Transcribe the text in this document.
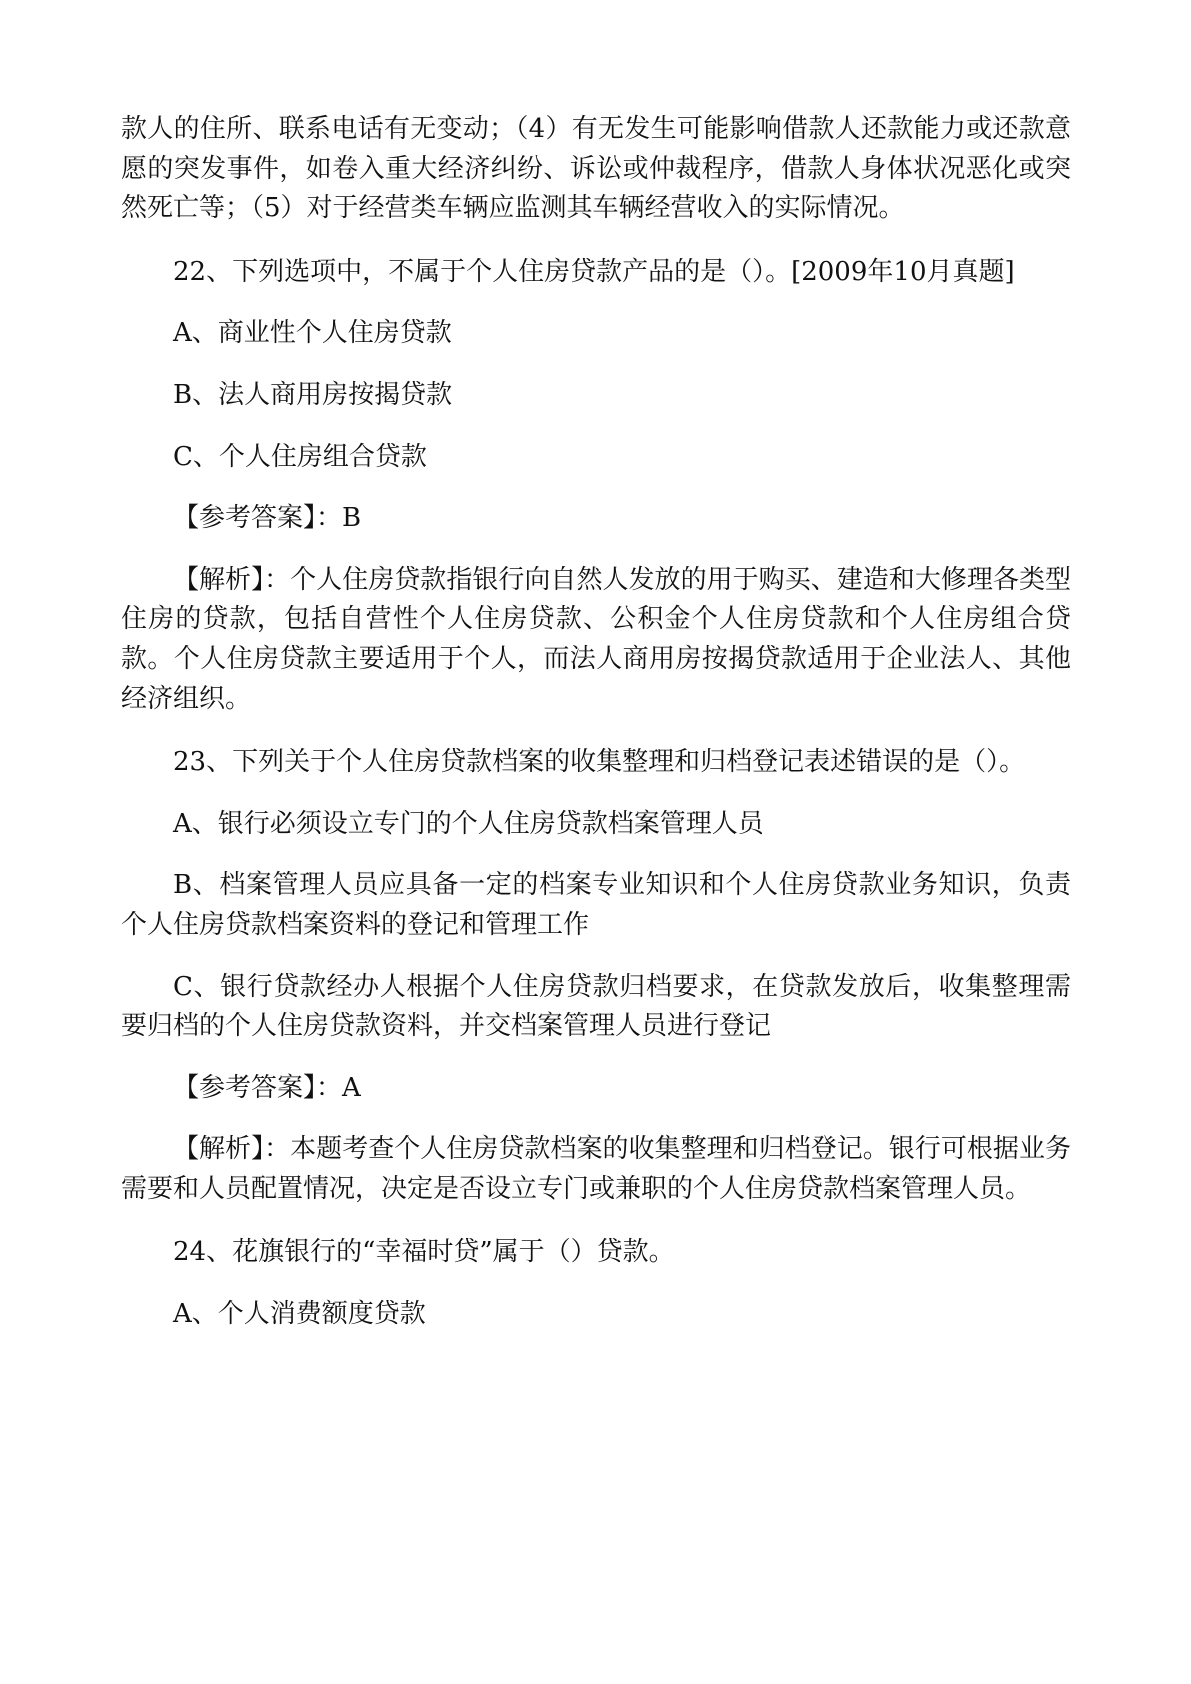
款人的住所、联系电话有无变动；（4）有无发生可能影响借款人还款能力或还款意愿的突发事件，如卷入重大经济纠纷、诉讼或仲裁程序，借款人身体状况恶化或突然死亡等；（5）对于经营类车辆应监测其车辆经营收入的实际情况。

22、下列选项中，不属于个人住房贷款产品的是（）。[2009年10月真题]

A、商业性个人住房贷款

B、法人商用房按揭贷款

C、个人住房组合贷款

【参考答案】：B

【解析】：个人住房贷款指银行向自然人发放的用于购买、建造和大修理各类型住房的贷款，包括自营性个人住房贷款、公积金个人住房贷款和个人住房组合贷款。个人住房贷款主要适用于个人，而法人商用房按揭贷款适用于企业法人、其他经济组织。

23、下列关于个人住房贷款档案的收集整理和归档登记表述错误的是（）。

A、银行必须设立专门的个人住房贷款档案管理人员

B、档案管理人员应具备一定的档案专业知识和个人住房贷款业务知识，负责个人住房贷款档案资料的登记和管理工作

C、银行贷款经办人根据个人住房贷款归档要求，在贷款发放后，收集整理需要归档的个人住房贷款资料，并交档案管理人员进行登记

【参考答案】：A

【解析】：本题考查个人住房贷款档案的收集整理和归档登记。银行可根据业务需要和人员配置情况，决定是否设立专门或兼职的个人住房贷款档案管理人员。

24、花旗银行的“幸福时贷”属于（）贷款。

A、个人消费额度贷款
